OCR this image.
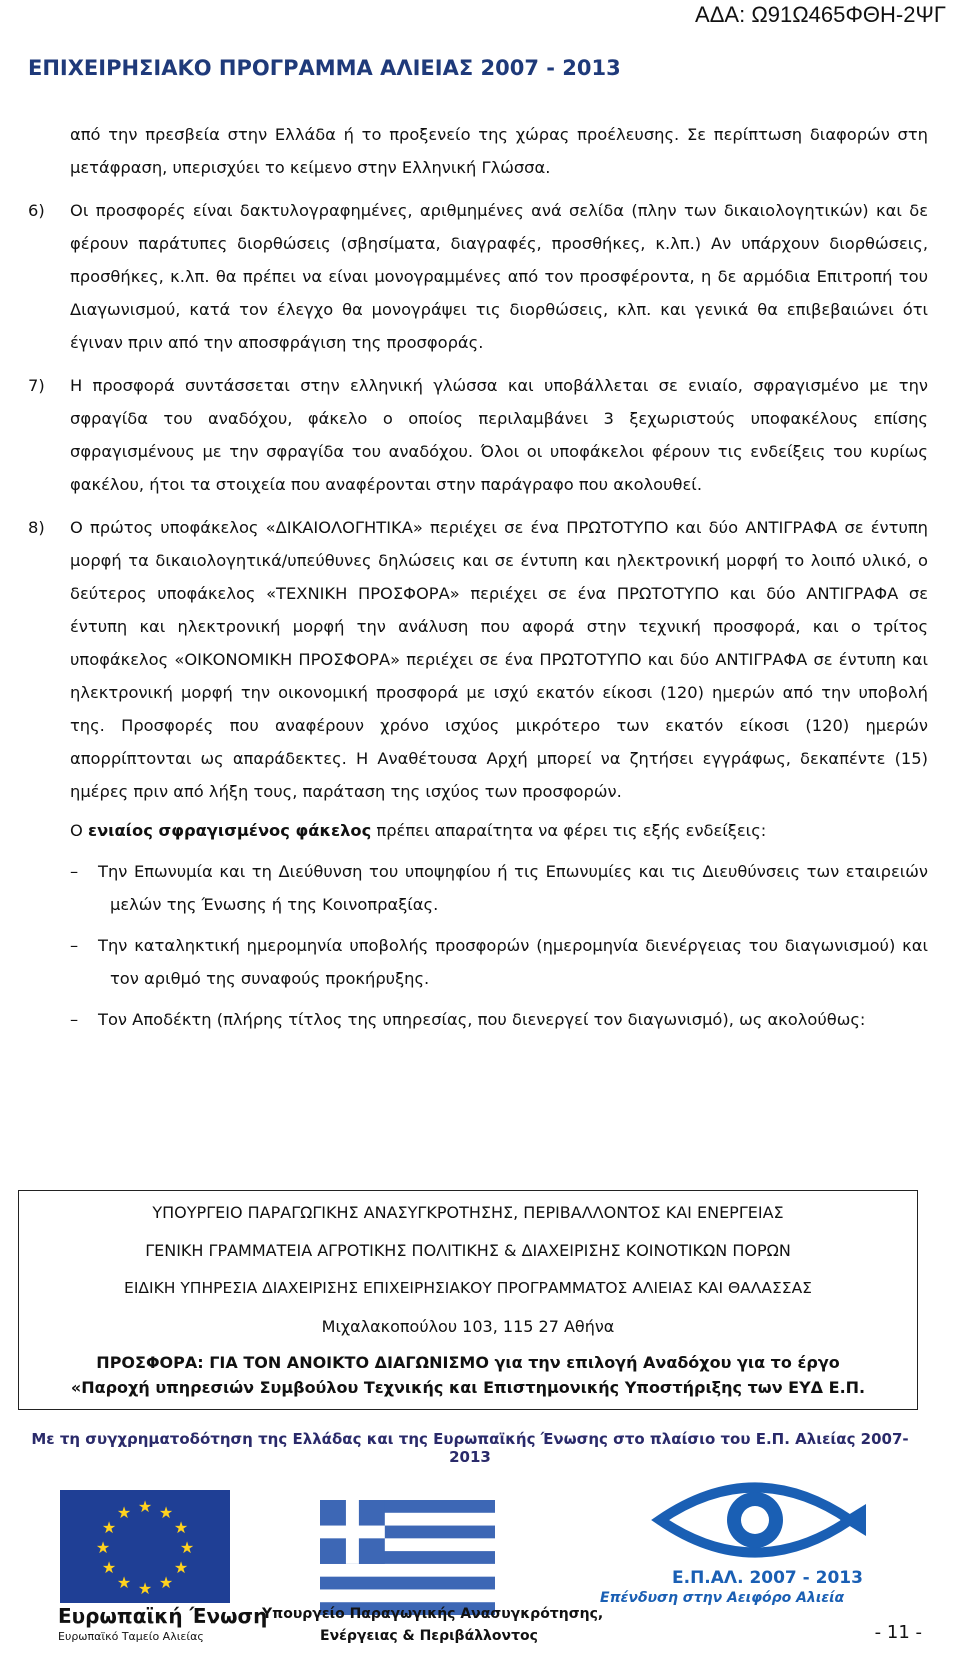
ΑΔΑ: Ω91Ω465ΦΘΗ-2ΨΓ
ΕΠΙΧΕΙΡΗΣΙΑΚΟ ΠΡΟΓΡΑΜΜΑ ΑΛΙΕΙΑΣ 2007 - 2013

από την πρεσβεία στην Ελλάδα ή το προξενείο της χώρας προέλευσης. Σε περίπτωση διαφορών στη μετάφραση, υπερισχύει το κείμενο στην Ελληνική Γλώσσα.

6) Οι προσφορές είναι δακτυλογραφημένες, αριθμημένες ανά σελίδα (πλην των δικαιολογητικών) και δε φέρουν παράτυπες διορθώσεις (σβησίματα, διαγραφές, προσθήκες, κ.λπ.) Αν υπάρχουν διορθώσεις, προσθήκες, κ.λπ. θα πρέπει να είναι μονογραμμένες από τον προσφέροντα, η δε αρμόδια Επιτροπή του Διαγωνισμού, κατά τον έλεγχο θα μονογράψει τις διορθώσεις, κλπ. και γενικά θα επιβεβαιώνει ότι έγιναν πριν από την αποσφράγιση της προσφοράς.
7) Η προσφορά συντάσσεται στην ελληνική γλώσσα και υποβάλλεται σε ενιαίο, σφραγισμένο με την σφραγίδα του αναδόχου, φάκελο ο οποίος περιλαμβάνει 3 ξεχωριστούς υποφακέλους επίσης σφραγισμένους με την σφραγίδα του αναδόχου. Όλοι οι υποφάκελοι φέρουν τις ενδείξεις του κυρίως φακέλου, ήτοι τα στοιχεία που αναφέρονται στην παράγραφο που ακολουθεί.
8) Ο πρώτος υποφάκελος «ΔΙΚΑΙΟΛΟΓΗΤΙΚΑ» περιέχει σε ένα ΠΡΩΤΟΤΥΠΟ και δύο ΑΝΤΙΓΡΑΦΑ σε έντυπη μορφή τα δικαιολογητικά/υπεύθυνες δηλώσεις και σε έντυπη και ηλεκτρονική μορφή το λοιπό υλικό, ο δεύτερος υποφάκελος «ΤΕΧΝΙΚΗ ΠΡΟΣΦΟΡΑ» περιέχει σε ένα ΠΡΩΤΟΤΥΠΟ και δύο ΑΝΤΙΓΡΑΦΑ σε έντυπη και ηλεκτρονική μορφή την ανάλυση που αφορά στην τεχνική προσφορά, και ο τρίτος υποφάκελος «ΟΙΚΟΝΟΜΙΚΗ ΠΡΟΣΦΟΡΑ» περιέχει σε ένα ΠΡΩΤΟΤΥΠΟ και δύο ΑΝΤΙΓΡΑΦΑ σε έντυπη και ηλεκτρονική μορφή την οικονομική προσφορά με ισχύ εκατόν είκοσι (120) ημερών από την υποβολή της. Προσφορές που αναφέρουν χρόνο ισχύος μικρότερο των εκατόν είκοσι (120) ημερών απορρίπτονται ως απαράδεκτες. Η Αναθέτουσα Αρχή μπορεί να ζητήσει εγγράφως, δεκαπέντε (15) ημέρες πριν από λήξη τους, παράταση της ισχύος των προσφορών.

Ο ενιαίος σφραγισμένος φάκελος πρέπει απαραίτητα να φέρει τις εξής ενδείξεις:

– Την Επωνυμία και τη Διεύθυνση του υποψηφίου ή τις Επωνυμίες και τις Διευθύνσεις των εταιρειών μελών της Ένωσης ή της Κοινοπραξίας.
– Την καταληκτική ημερομηνία υποβολής προσφορών (ημερομηνία διενέργειας του διαγωνισμού) και τον αριθμό της συναφούς προκήρυξης.
– Τον Αποδέκτη (πλήρης τίτλος της υπηρεσίας, που διενεργεί τον διαγωνισμό), ως ακολούθως:
ΥΠΟΥΡΓΕΙΟ ΠΑΡΑΓΩΓΙΚΗΣ ΑΝΑΣΥΓΚΡΟΤΗΣΗΣ, ΠΕΡΙΒΑΛΛΟΝΤΟΣ ΚΑΙ ΕΝΕΡΓΕΙΑΣ
ΓΕΝΙΚΗ ΓΡΑΜΜΑΤΕΙΑ ΑΓΡΟΤΙΚΗΣ ΠΟΛΙΤΙΚΗΣ & ΔΙΑΧΕΙΡΙΣΗΣ ΚΟΙΝΟΤΙΚΩΝ ΠΟΡΩΝ
ΕΙΔΙΚΗ ΥΠΗΡΕΣΙΑ ΔΙΑΧΕΙΡΙΣΗΣ ΕΠΙΧΕΙΡΗΣΙΑΚΟΥ ΠΡΟΓΡΑΜΜΑΤΟΣ ΑΛΙΕΙΑΣ ΚΑΙ ΘΑΛΑΣΣΑΣ
Μιχαλακοπούλου 103, 115 27 Αθήνα
ΠΡΟΣΦΟΡΑ: ΓΙΑ ΤΟΝ ΑΝΟΙΚΤΟ ΔΙΑΓΩΝΙΣΜΟ για την επιλογή Αναδόχου για το έργο
«Παροχή υπηρεσιών Συμβούλου Τεχνικής και Επιστημονικής Υποστήριξης των ΕΥΔ Ε.Π.
Με τη συγχρηματοδότηση της Ελλάδας και της Ευρωπαϊκής Ένωσης στο πλαίσιο του Ε.Π. Αλιείας 2007-2013
★ ★
★
★
★
★
★
★
★
★
★
★
Ευρωπαϊκή Ένωση
Ευρωπαϊκό Ταμείο Αλιείας
Υπουργείο Παραγωγικής Ανασυγκρότησης,
Ενέργειας & Περιβάλλοντος
Ε.Π.ΑΛ. 2007 - 2013
Επένδυση στην Αειφόρο Αλιεία
- 11 -
